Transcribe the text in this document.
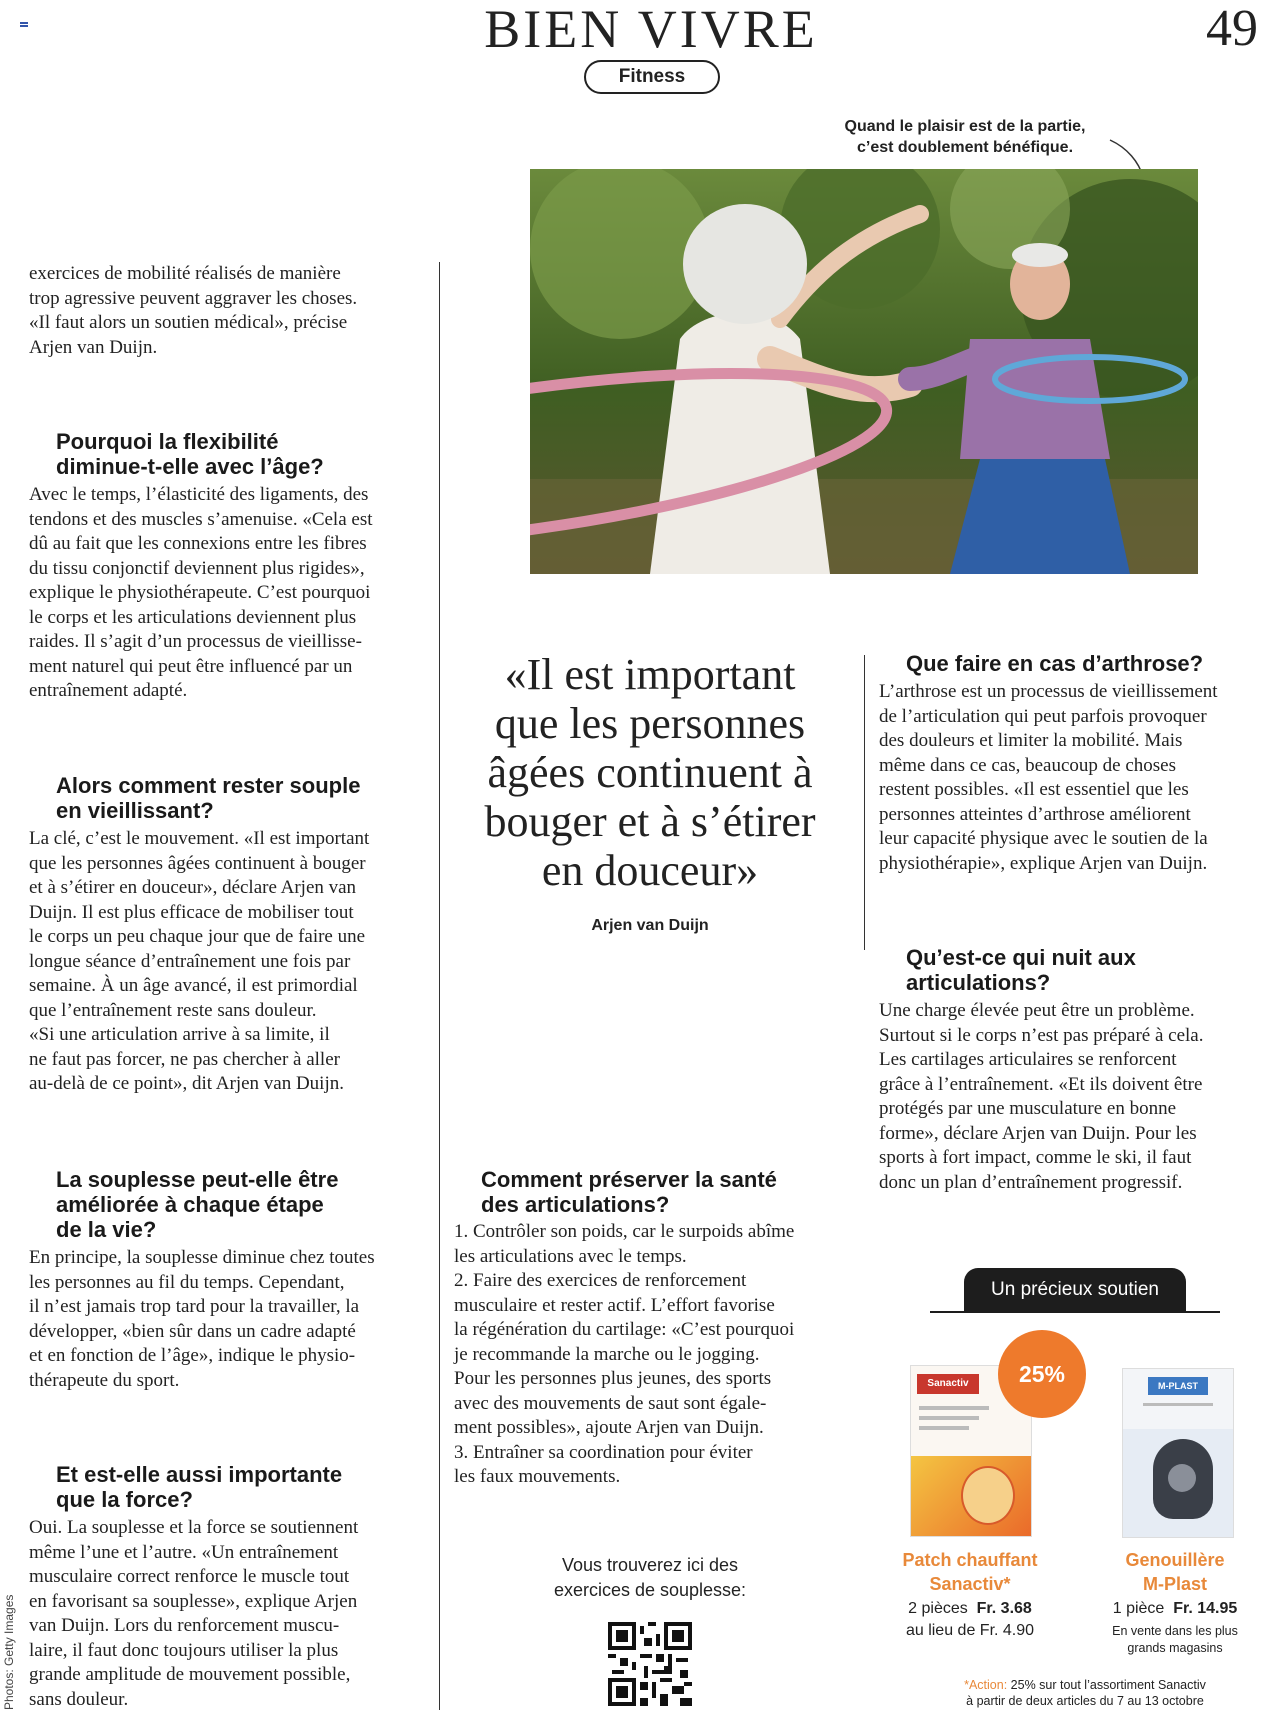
BIEN VIVRE	49
Fitness
Quand le plaisir est de la partie,
c’est doublement bénéfique.
exercices de mobilité réalisés de manière
trop agressive peuvent aggraver les choses.
«Il faut alors un soutien médical», précise
Arjen van Duijn.
Pourquoi la flexibilité
diminue-t-elle avec l’âge?
Avec le temps, l’élasticité des ligaments, des
tendons et des muscles s’amenuise. «Cela est
dû au fait que les connexions entre les fibres
du tissu conjonctif deviennent plus rigides»,
explique le physiothérapeute. C’est pourquoi
le corps et les articulations deviennent plus
raides. Il s’agit d’un processus de vieillisse-
ment naturel qui peut être influencé par un
entraînement adapté.
Alors comment rester souple
en vieillissant?
La clé, c’est le mouvement. «Il est important
que les personnes âgées continuent à bouger
et à s’étirer en douceur», déclare Arjen van
Duijn. Il est plus efficace de mobiliser tout
le corps un peu chaque jour que de faire une
longue séance d’entraînement une fois par
semaine. À un âge avancé, il est primordial
que l’entraînement reste sans douleur.
«Si une articulation arrive à sa limite, il
ne faut pas forcer, ne pas chercher à aller
au-delà de ce point», dit Arjen van Duijn.
La souplesse peut-elle être
améliorée à chaque étape
de la vie?
En principe, la souplesse diminue chez toutes
les personnes au fil du temps. Cependant,
il n’est jamais trop tard pour la travailler, la
développer, «bien sûr dans un cadre adapté
et en fonction de l’âge», indique le physio-
thérapeute du sport.
Et est-elle aussi importante
que la force?
Oui. La souplesse et la force se soutiennent
même l’une et l’autre. «Un entraînement
musculaire correct renforce le muscle tout
en favorisant sa souplesse», explique Arjen
van Duijn. Lors du renforcement muscu-
laire, il faut donc toujours utiliser la plus
grande amplitude de mouvement possible,
sans douleur.
«Il est important
que les personnes
âgées continuent à
bouger et à s’étirer
en douceur»
Arjen van Duijn
Comment préserver la santé
des articulations?
1. Contrôler son poids, car le surpoids abîme
les articulations avec le temps.
2. Faire des exercices de renforcement
musculaire et rester actif. L’effort favorise
la régénération du cartilage: «C’est pourquoi
je recommande la marche ou le jogging.
Pour les personnes plus jeunes, des sports
avec des mouvements de saut sont égale-
ment possibles», ajoute Arjen van Duijn.
3. Entraîner sa coordination pour éviter
les faux mouvements.
Vous trouverez ici des
exercices de souplesse:
Que faire en cas d’arthrose?
L’arthrose est un processus de vieillissement
de l’articulation qui peut parfois provoquer
des douleurs et limiter la mobilité. Mais
même dans ce cas, beaucoup de choses
restent possibles. «Il est essentiel que les
personnes atteintes d’arthrose améliorent
leur capacité physique avec le soutien de la
physiothérapie», explique Arjen van Duijn.
Qu’est-ce qui nuit aux
articulations?
Une charge élevée peut être un problème.
Surtout si le corps n’est pas préparé à cela.
Les cartilages articulaires se renforcent
grâce à l’entraînement. «Et ils doivent être
protégés par une musculature en bonne
forme», déclare Arjen van Duijn. Pour les
sports à fort impact, comme le ski, il faut
donc un plan d’entraînement progressif.
Un précieux soutien
Sanactiv	25%	M-PLAST
Patch chauffant
Sanactiv*
2 pièces Fr. 3.68
au lieu de Fr. 4.90
Genouillère
M-Plast
1 pièce Fr. 14.95
En vente dans les plus
grands magasins
*Action: 25% sur tout l’assortiment Sanactiv
à partir de deux articles du 7 au 13 octobre
Photos: Getty Images
